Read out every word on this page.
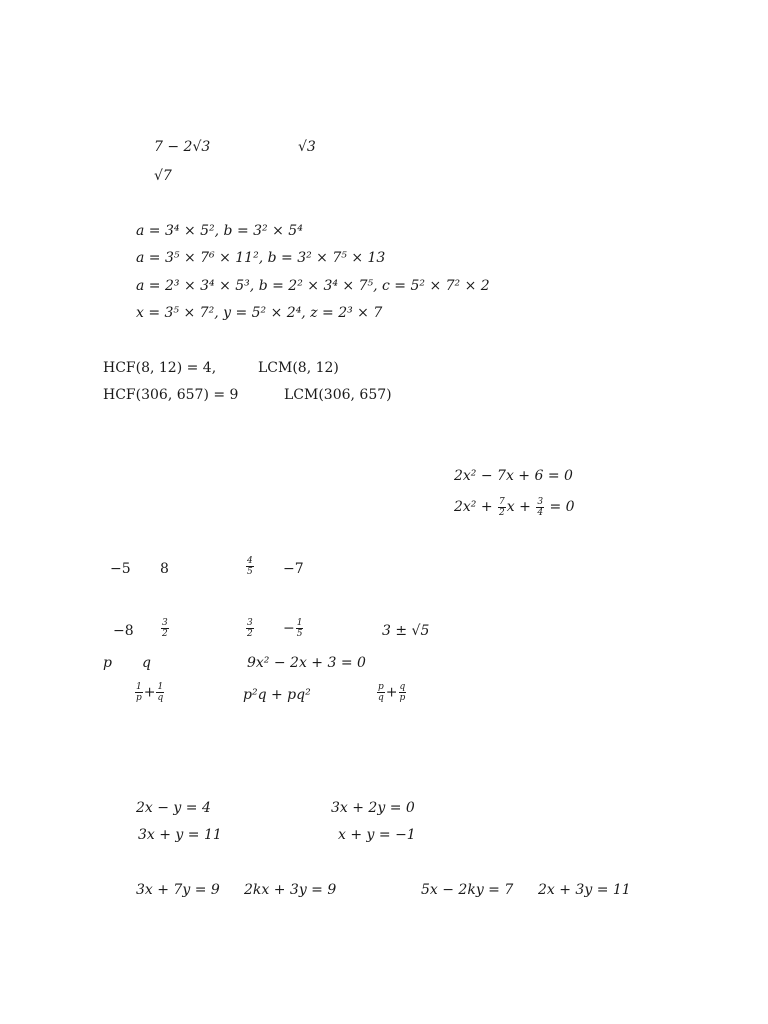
7 − 2√3	√3
√7
a = 3⁴ × 5², b = 3² × 5⁴
a = 3⁵ × 7⁶ × 11², b = 3² × 7⁵ × 13
a = 2³ × 3⁴ × 5³, b = 2² × 3⁴ × 7⁵, c = 5² × 7² × 2
x = 3⁵ × 7², y = 5² × 2⁴, z = 2³ × 7
HCF(8, 12) = 4,	LCM(8, 12)
HCF(306, 657) = 9	LCM(306, 657)
2x² − 7x + 6 = 0
$2x^2 + \frac{7}{2}$ $x + \frac{3}{4} = 0$
−5 8	$\frac{4}{5} -7$
−8	$\frac{3}{2}$	$\frac{3}{2} - \frac{1}{5}$	3 ± √5
p q	9x² − 2x + 3 = 0
$\frac{1}{p} + \frac{1}{q}$	p²q + pq²	$\frac{p}{q} + \frac{q}{p}$
2x − y = 4	3x + 2y = 0
3x + y = 11	x + y = −1
3x + 7y = 9 2kx + 3y = 9	5x − 2ky = 7 2x + 3y = 11
